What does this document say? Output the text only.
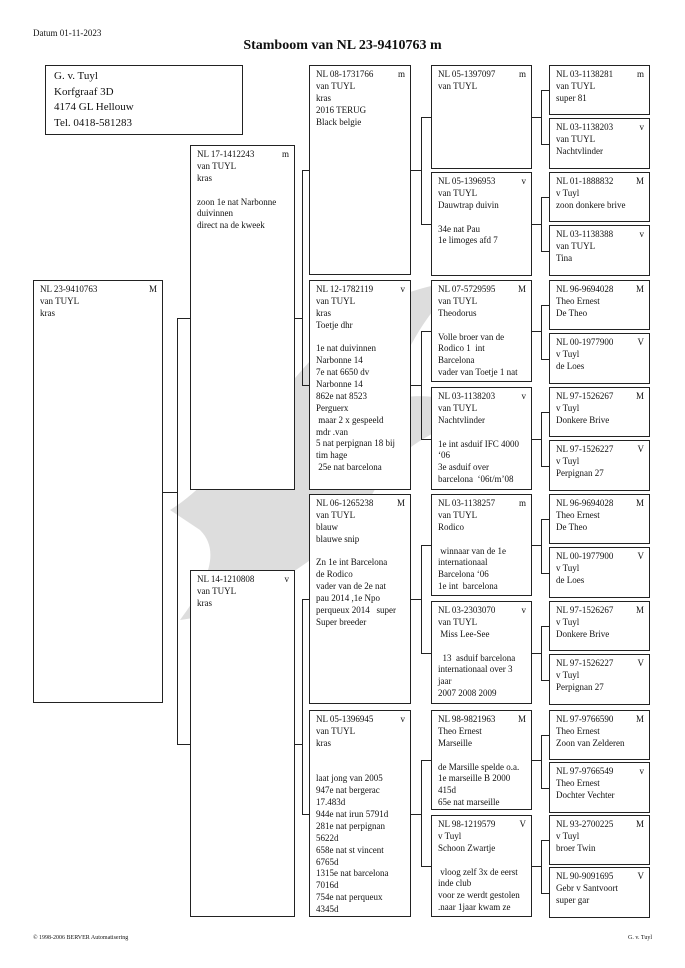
Datum 01-11-2023
Stamboom van NL 23-9410763 m
G. v. Tuyl
Korfgraaf 3D
4174 GL Hellouw
Tel. 0418-581283
NL 23-9410763	M
van TUYL
kras
NL 17-1412243	m
van TUYL
kras

zoon 1e nat Narbonne
duivinnen
direct na de kweek
NL 14-1210808	v
van TUYL
kras
NL 08-1731766	m
van TUYL
kras
2016 TERUG
Black belgie
NL 12-1782119	v
van TUYL
kras
Toetje dhr

1e nat duivinnen
Narbonne 14
7e nat 6650 dv
Narbonne 14
862e nat 8523
Perguerx
maar 2 x gespeeld
mdr .van
5 nat perpignan 18 bij
tim hage
25e nat barcelona
NL 06-1265238	M
van TUYL
blauw
blauwe snip

Zn 1e int Barcelona
de Rodico
vader van de 2e nat
pau 2014 ,1e Npo
perqueux 2014   super
Super breeder
NL 05-1396945	v
van TUYL
kras

laat jong van 2005
947e nat bergerac
17.483d
944e nat irun 5791d
281e nat perpignan
5622d
658e nat st vincent
6765d
1315e nat barcelona
7016d
754e nat perqueux
4345d
NL 05-1397097	m
van TUYL
NL 05-1396953	v
van TUYL
Dauwtrap duivin

34e nat Pau
1e limoges afd 7
NL 07-5729595	M
van TUYL
Theodorus

Volle broer van de
Rodico 1  int
Barcelona
vader van Toetje 1 nat
NL 03-1138203	v
van TUYL
Nachtvlinder

1e int asduif IFC 4000
‘06
3e asduif over
barcelona  ‘06t/m’08
NL 03-1138257	m
van TUYL
Rodico

winnaar van de 1e
internationaal
Barcelona ‘06
1e int  barcelona
NL 03-2303070	v
van TUYL
Miss Lee-See

13  asduif barcelona
internationaal over 3
jaar
2007 2008 2009
NL 98-9821963	M
Theo Ernest
Marseille

de Marsille spelde o.a.
1e marseille B 2000
415d
65e nat marseille
NL 98-1219579	V
v Tuyl
Schoon Zwartje

vloog zelf 3x de eerst
inde club
voor ze werdt gestolen
.naar 1jaar kwam ze
NL 03-1138281	m
van TUYL
super 81
NL 03-1138203	v
van TUYL
Nachtvlinder
NL 01-1888832	M
v Tuyl
zoon donkere brive
NL 03-1138388	v
van TUYL
Tina
NL 96-9694028	M
Theo Ernest
De Theo
NL 00-1977900	V
v Tuyl
de Loes
NL 97-1526267	M
v Tuyl
Donkere Brive
NL 97-1526227	V
v Tuyl
Perpignan 27
NL 96-9694028	M
Theo Ernest
De Theo
NL 00-1977900	V
v Tuyl
de Loes
NL 97-1526267	M
v Tuyl
Donkere Brive
NL 97-1526227	V
v Tuyl
Perpignan 27
NL 97-9766590	M
Theo Ernest
Zoon van Zelderen
NL 97-9766549	v
Theo Ernest
Dochter Vechter
NL 93-2700225	M
v Tuyl
broer Twin
NL 90-9091695	V
Gebr v Santvoort
super gar
© 1998-2006 BERVER Automatisering	G. v. Tuyl
